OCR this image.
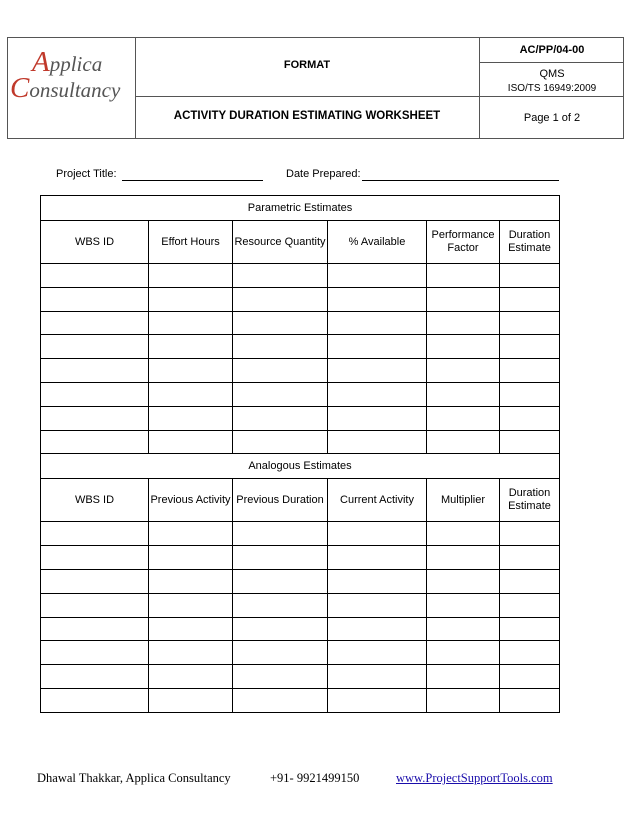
Applica
Consultancy
FORMAT
AC/PP/04-00
QMS
ISO/TS 16949:2009
ACTIVITY DURATION ESTIMATING WORKSHEET	Page 1 of 2
Project Title:	Date Prepared:
Parametric Estimates					
WBS ID	Effort Hours	Resource Quantity	% Available	Performance Factor	Duration Estimate

Analogous Estimates					
WBS ID	Previous Activity	Previous Duration	Current Activity	Multiplier	Duration Estimate

Dhawal Thakkar, Applica Consultancy	+91- 9921499150	www.ProjectSupportTools.com
